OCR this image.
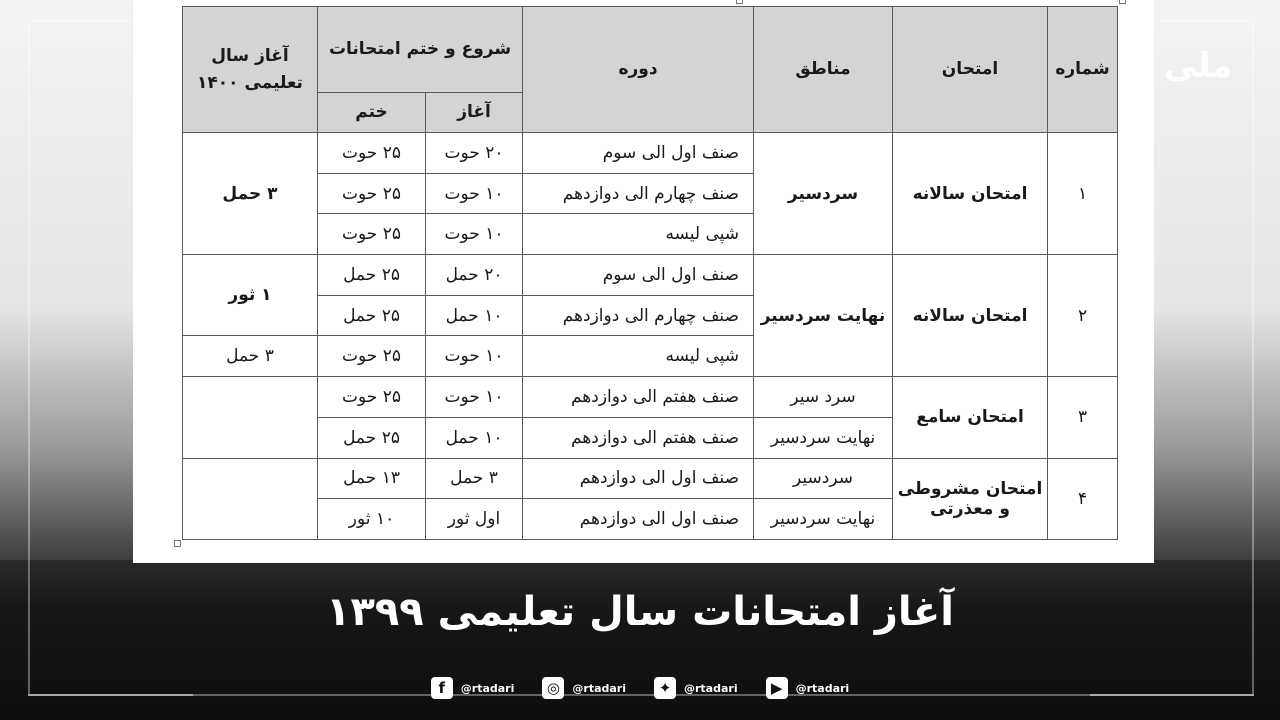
ملی
شماره	امتحان	مناطق	دوره	شروع و ختم امتحانات		آغاز سال تعلیمی ۱۴۰۰
				آغاز	ختم	
۱	امتحان سالانه	سردسیر	صنف اول الی سوم	۲۰ حوت	۲۵ حوت	۳ حمل
			صنف چهارم الی دوازدهم	۱۰ حوت	۲۵ حوت	
			شپی لیسه	۱۰ حوت	۲۵ حوت	
۲	امتحان سالانه	نهایت سردسیر	صنف اول الی سوم	۲۰ حمل	۲۵ حمل	۱ ثور
			صنف چهارم الی دوازدهم	۱۰ حمل	۲۵ حمل	
			شپی لیسه	۱۰ حوت	۲۵ حوت	۳ حمل
۳	امتحان سامع	سرد سیر	صنف هفتم الی دوازدهم	۱۰ حوت	۲۵ حوت	
		نهایت سردسیر	صنف هفتم الی دوازدهم	۱۰ حمل	۲۵ حمل	
۴	امتحان مشروطی و معذرتی	سردسیر	صنف اول الی دوازدهم	۳ حمل	۱۳ حمل	
		نهایت سردسیر	صنف اول الی دوازدهم	اول ثور	۱۰ ثور	
آغاز امتحانات سال تعلیمی ۱۳۹۹
f	@rtadari ◎	@rtadari	✦	@rtadari	▶	@rtadari
